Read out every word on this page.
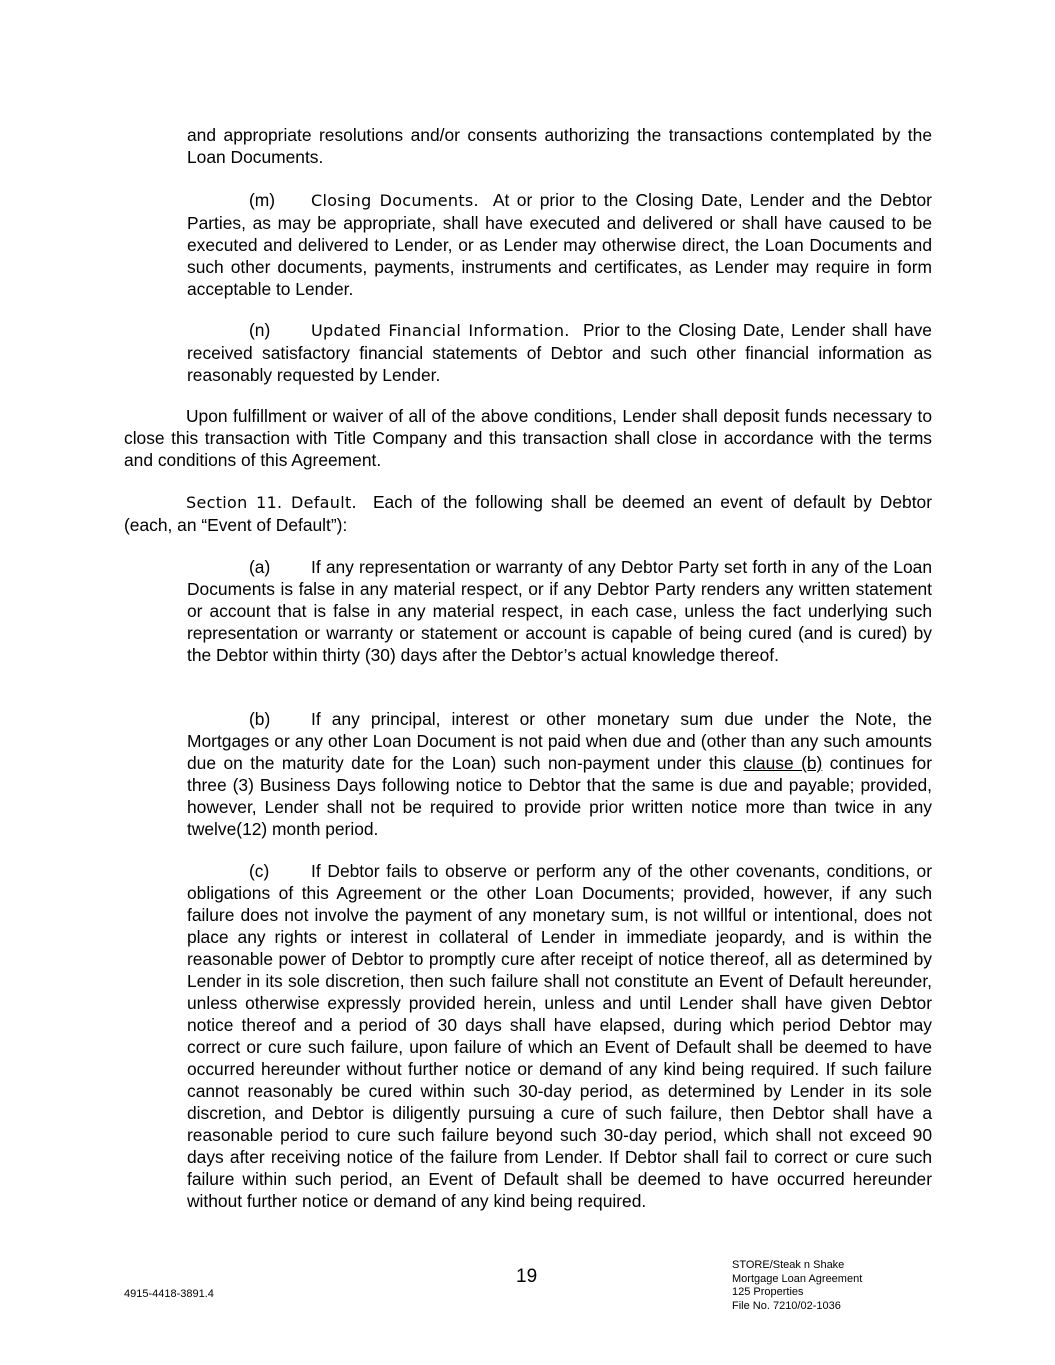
and appropriate resolutions and/or consents authorizing the transactions contemplated by the Loan Documents.

(m) Closing Documents. At or prior to the Closing Date, Lender and the Debtor Parties, as may be appropriate, shall have executed and delivered or shall have caused to be executed and delivered to Lender, or as Lender may otherwise direct, the Loan Documents and such other documents, payments, instruments and certificates, as Lender may require in form acceptable to Lender.

(n)	Updated Financial Information. Prior to the Closing Date, Lender shall have received satisfactory financial statements of Debtor and such other financial information as reasonably requested by Lender.

Upon fulfillment or waiver of all of the above conditions, Lender shall deposit funds necessary to close this transaction with Title Company and this transaction shall close in accordance with the terms and conditions of this Agreement.

Section 11. Default. Each of the following shall be deemed an event of default by Debtor (each, an “Event of Default”):

(a) If any representation or warranty of any Debtor Party set forth in any of the Loan Documents is false in any material respect, or if any Debtor Party renders any written statement or account that is false in any material respect, in each case, unless the fact underlying such representation or warranty or statement or account is capable of being cured (and is cured) by the Debtor within thirty (30) days after the Debtor’s actual knowledge thereof.

(b) If any principal, interest or other monetary sum due under the Note, the Mortgages or any other Loan Document is not paid when due and (other than any such amounts due on the maturity date for the Loan) such non-payment under this clause (b) continues for three (3) Business Days following notice to Debtor that the same is due and payable; provided, however, Lender shall not be required to provide prior written notice more than twice in any twelve(12) month period.

(c) If Debtor fails to observe or perform any of the other covenants, conditions, or obligations of this Agreement or the other Loan Documents; provided, however, if any such failure does not involve the payment of any monetary sum, is not willful or intentional, does not place any rights or interest in collateral of Lender in immediate jeopardy, and is within the reasonable power of Debtor to promptly cure after receipt of notice thereof, all as determined by Lender in its sole discretion, then such failure shall not constitute an Event of Default hereunder, unless otherwise expressly provided herein, unless and until Lender shall have given Debtor notice thereof and a period of 30 days shall have elapsed, during which period Debtor may correct or cure such failure, upon failure of which an Event of Default shall be deemed to have occurred hereunder without further notice or demand of any kind being required. If such failure cannot reasonably be cured within such 30-day period, as determined by Lender in its sole discretion, and Debtor is diligently pursuing a cure of such failure, then Debtor shall have a reasonable period to cure such failure beyond such 30-day period, which shall not exceed 90 days after receiving notice of the failure from Lender. If Debtor shall fail to correct or cure such failure within such period, an Event of Default shall be deemed to have occurred hereunder without further notice or demand of any kind being required.

4915-4418-3891.4
19
STORE/Steak n Shake
Mortgage Loan Agreement
125 Properties
File No. 7210/02-1036
